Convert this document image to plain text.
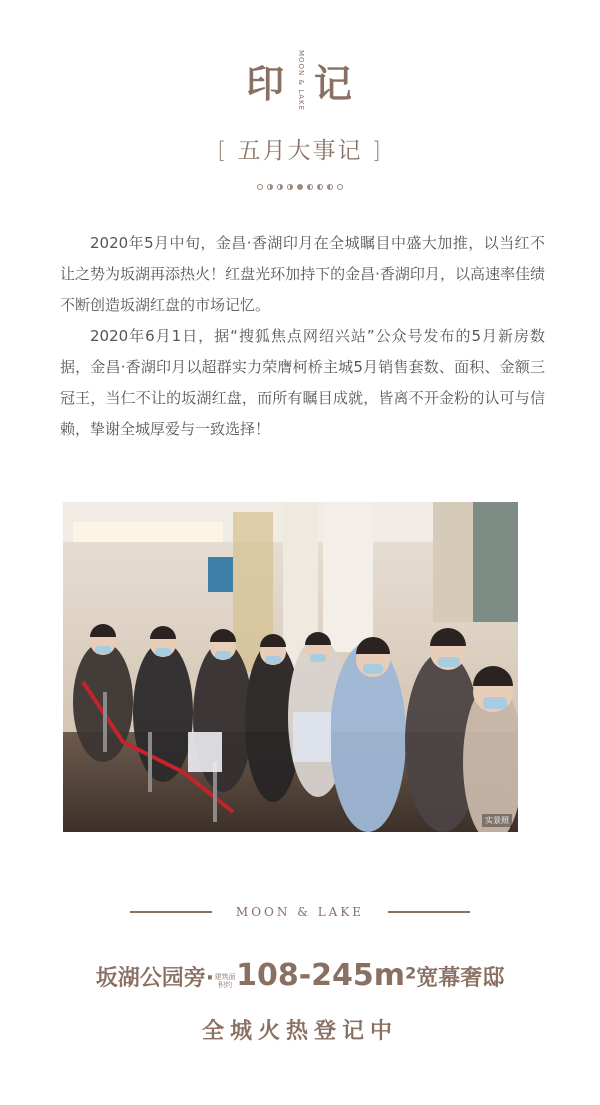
印 MOON & LAKE 记
[ 五月大事记 ]

2020年5月中旬，金昌·香湖印月在全城瞩目中盛大加推，以当红不让之势为坂湖再添热火！红盘光环加持下的金昌·香湖印月，以高速率佳绩不断创造坂湖红盘的市场记忆。

2020年6月1日，据“搜狐焦点网绍兴站”公众号发布的5月新房数据，金昌·香湖印月以超群实力荣膺柯桥主城5月销售套数、面积、金额三冠王，当仁不让的坂湖红盘，而所有瞩目成就，皆离不开金粉的认可与信赖，挚谢全城厚爱与一致选择！

实景照
MOON & LAKE
坂湖公园旁·建筑面积约 $108-245m^2$宽幕奢邸
全城火热登记中
